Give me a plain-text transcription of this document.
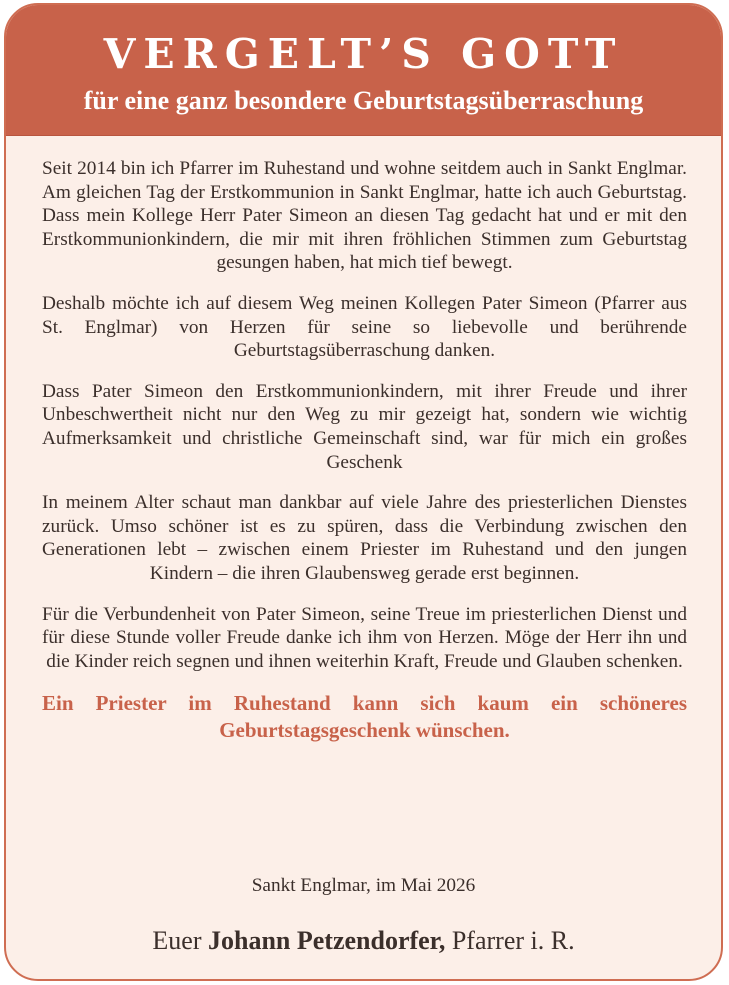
VERGELT’S GOTT
für eine ganz besondere Geburtstagsüberraschung

Seit 2014 bin ich Pfarrer im Ruhestand und wohne seitdem auch in Sankt Englmar. Am gleichen Tag der Erstkommunion in Sankt Englmar, hatte ich auch Geburtstag. Dass mein Kollege Herr Pater Simeon an diesen Tag gedacht hat und er mit den Erstkommunionkindern, die mir mit ihren fröhlichen Stimmen zum Geburtstag gesungen haben, hat mich tief bewegt.

Deshalb möchte ich auf diesem Weg meinen Kollegen Pater Simeon (Pfarrer aus St. Englmar) von Herzen für seine so liebevolle und berührende Geburtstagsüberraschung danken.

Dass Pater Simeon den Erstkommunionkindern, mit ihrer Freude und ihrer Unbeschwertheit nicht nur den Weg zu mir gezeigt hat, sondern wie wichtig Aufmerksamkeit und christliche Gemeinschaft sind, war für mich ein großes Geschenk

In meinem Alter schaut man dankbar auf viele Jahre des priesterlichen Dienstes zurück. Umso schöner ist es zu spüren, dass die Verbindung zwischen den Generationen lebt – zwischen einem Priester im Ruhestand und den jungen Kindern – die ihren Glaubensweg gerade erst beginnen.

Für die Verbundenheit von Pater Simeon, seine Treue im priesterlichen Dienst und für diese Stunde voller Freude danke ich ihm von Herzen. Möge der Herr ihn und die Kinder reich segnen und ihnen weiterhin Kraft, Freude und Glauben schenken.

Ein Priester im Ruhestand kann sich kaum ein schöneres Geburtstagsgeschenk wünschen.

Sankt Englmar, im Mai 2026
Euer Johann Petzendorfer, Pfarrer i. R.
